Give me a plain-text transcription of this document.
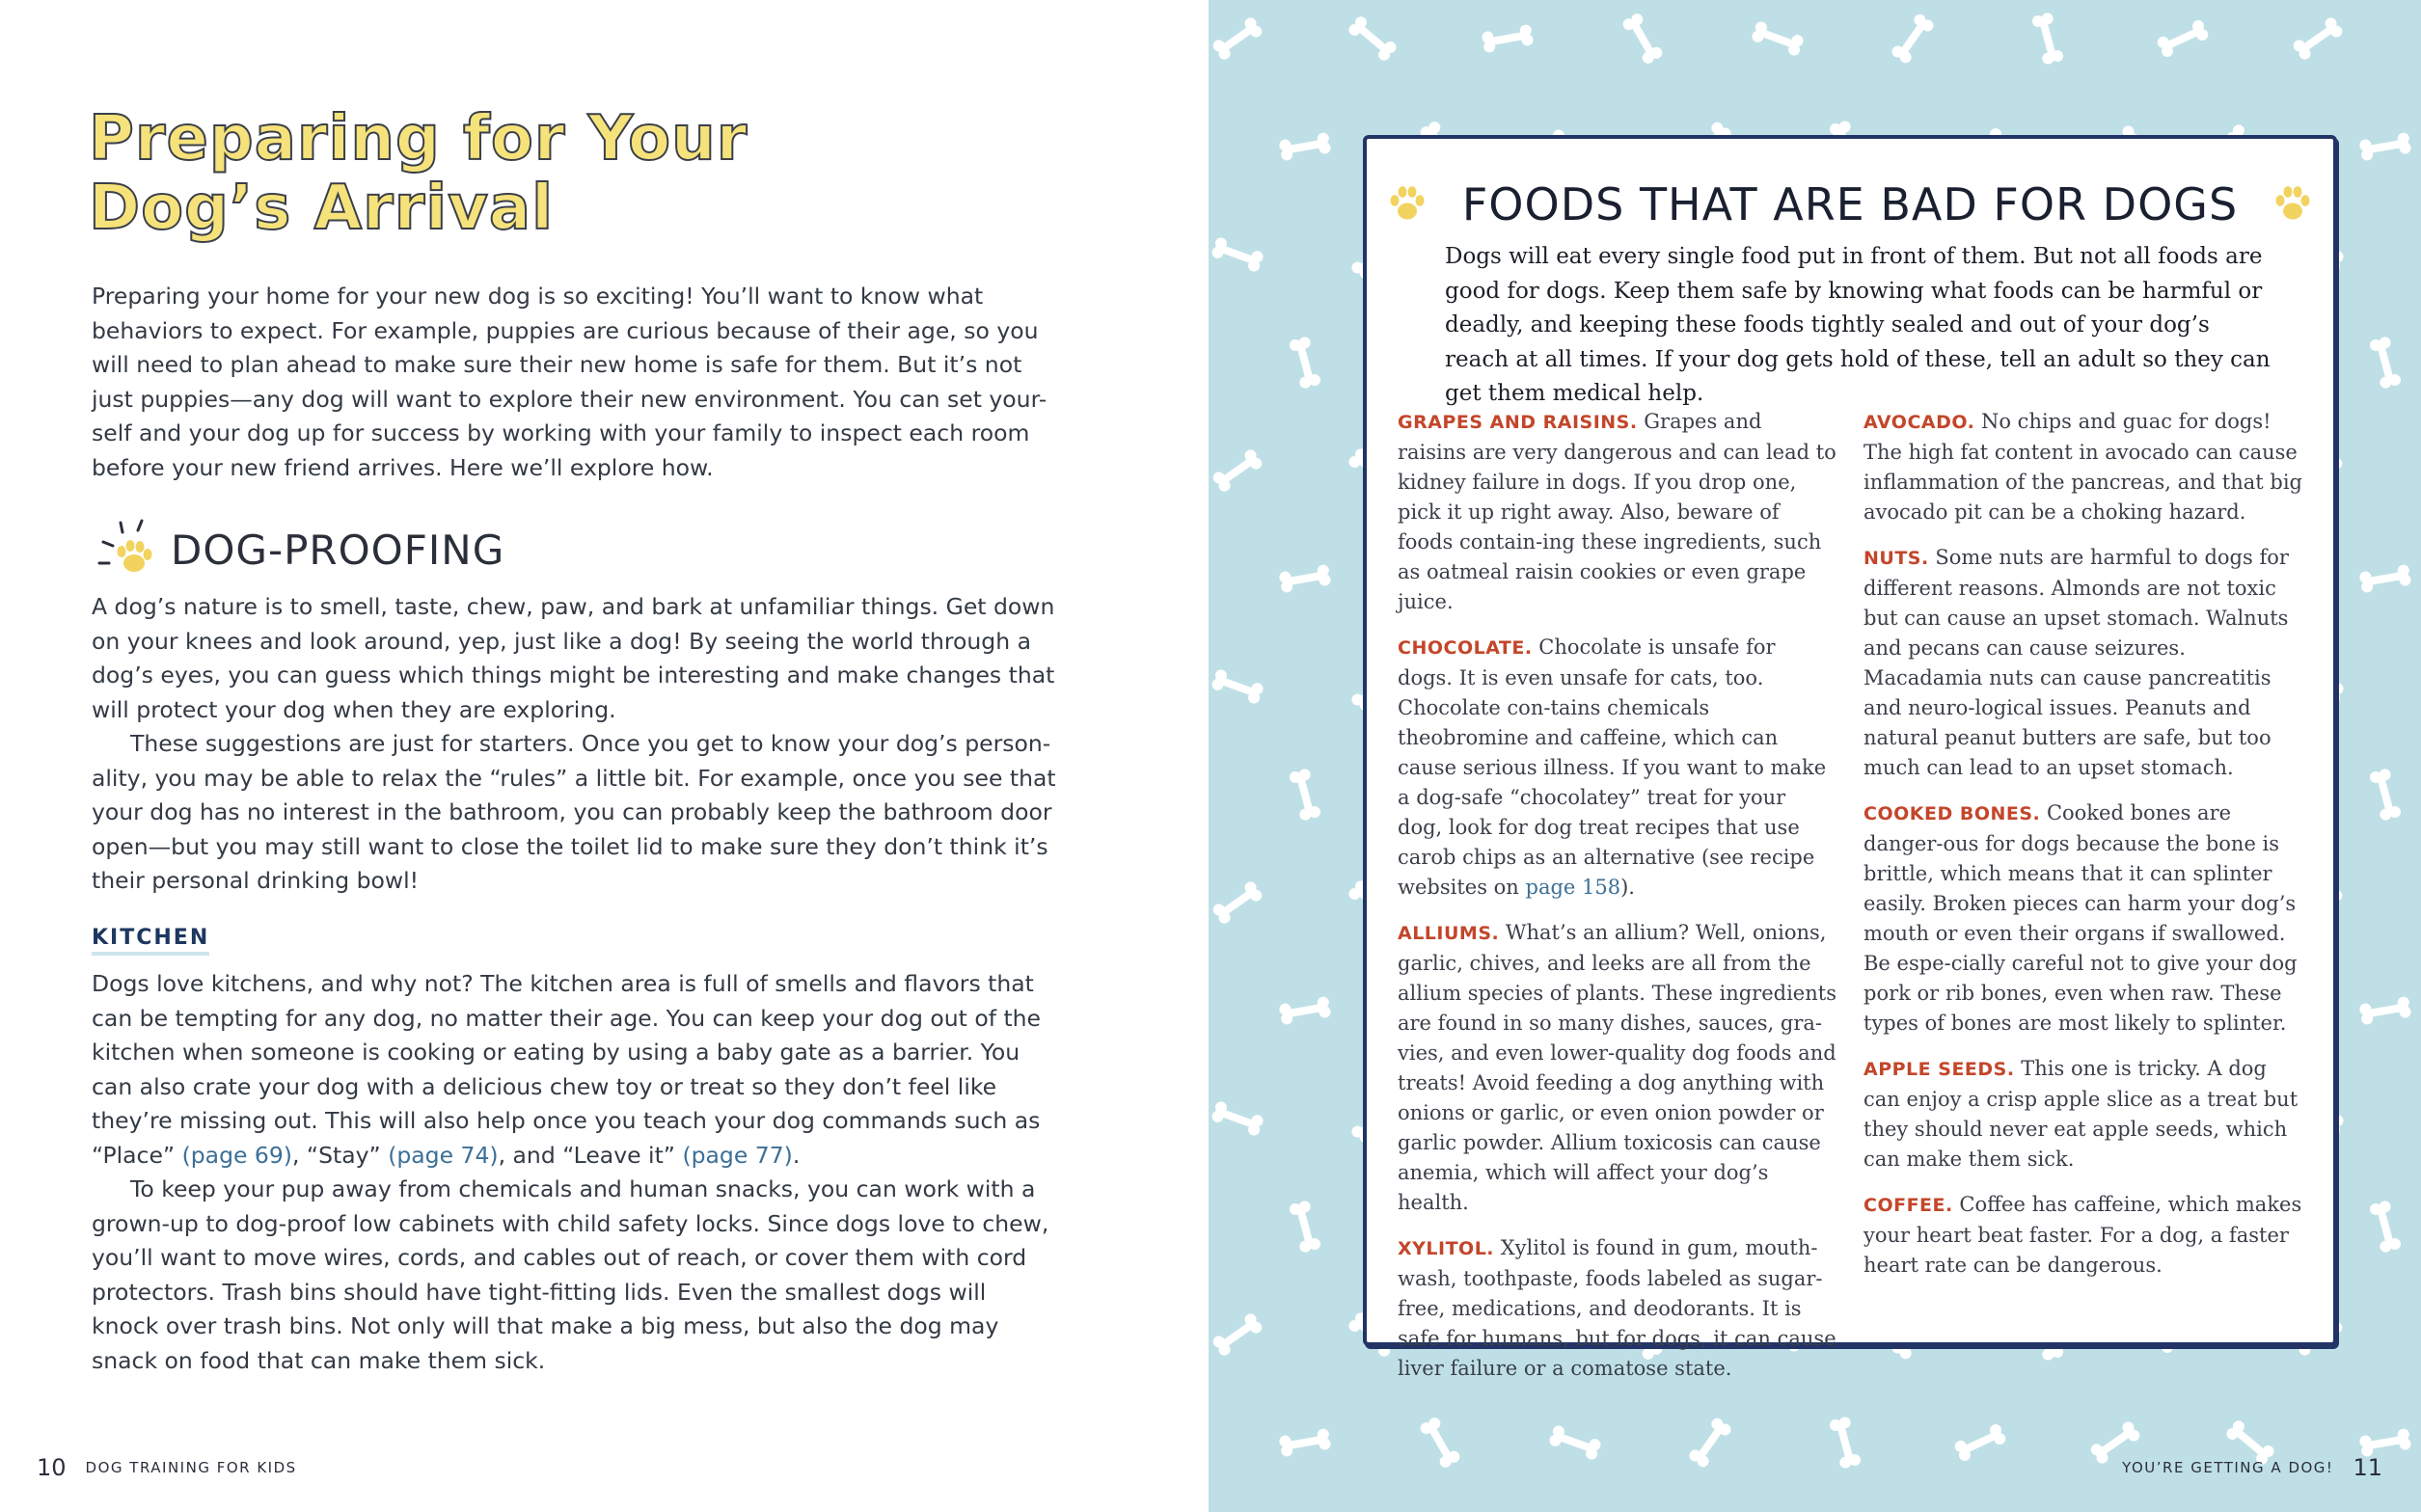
Preparing for Your
Dog’s Arrival

Preparing your home for your new dog is so exciting! You’ll want to know what behaviors to expect. For example, puppies are curious because of their age, so you will need to plan ahead to make sure their new home is safe for them. But it’s not just puppies—any dog will want to explore their new environment. You can set your-self and your dog up for success by working with your family to inspect each room before your new friend arrives. Here we’ll explore how.

DOG-PROOFING

A dog’s nature is to smell, taste, chew, paw, and bark at unfamiliar things. Get down on your knees and look around, yep, just like a dog! By seeing the world through a dog’s eyes, you can guess which things might be interesting and make changes that will protect your dog when they are exploring.

These suggestions are just for starters. Once you get to know your dog’s person-ality, you may be able to relax the “rules” a little bit. For example, once you see that your dog has no interest in the bathroom, you can probably keep the bathroom door open—but you may still want to close the toilet lid to make sure they don’t think it’s their personal drinking bowl!

KITCHEN

Dogs love kitchens, and why not? The kitchen area is full of smells and flavors that can be tempting for any dog, no matter their age. You can keep your dog out of the kitchen when someone is cooking or eating by using a baby gate as a barrier. You can also crate your dog with a delicious chew toy or treat so they don’t feel like they’re missing out. This will also help once you teach your dog commands such as “Place” (page 69), “Stay” (page 74), and “Leave it” (page 77).

To keep your pup away from chemicals and human snacks, you can work with a grown-up to dog-proof low cabinets with child safety locks. Since dogs love to chew, you’ll want to move wires, cords, and cables out of reach, or cover them with cord protectors. Trash bins should have tight-fitting lids. Even the smallest dogs will knock over trash bins. Not only will that make a big mess, but also the dog may snack on food that can make them sick.

10 DOG TRAINING FOR KIDS
FOODS THAT ARE BAD FOR DOGS
Dogs will eat every single food put in front of them. But not all foods are good for dogs. Keep them safe by knowing what foods can be harmful or deadly, and keeping these foods tightly sealed and out of your dog’s reach at all times. If your dog gets hold of these, tell an adult so they can get them medical help.

GRAPES AND RAISINS. Grapes and raisins are very dangerous and can lead to kidney failure in dogs. If you drop one, pick it up right away. Also, beware of foods contain-ing these ingredients, such as oatmeal raisin cookies or even grape juice.

CHOCOLATE. Chocolate is unsafe for dogs. It is even unsafe for cats, too. Chocolate con-tains chemicals theobromine and caffeine, which can cause serious illness. If you want to make a dog-safe “chocolatey” treat for your dog, look for dog treat recipes that use carob chips as an alternative (see recipe websites on page 158).

ALLIUMS. What’s an allium? Well, onions, garlic, chives, and leeks are all from the allium species of plants. These ingredients are found in so many dishes, sauces, gra-vies, and even lower-quality dog foods and treats! Avoid feeding a dog anything with onions or garlic, or even onion powder or garlic powder. Allium toxicosis can cause anemia, which will affect your dog’s health.

XYLITOL. Xylitol is found in gum, mouth-wash, toothpaste, foods labeled as sugar-free, medications, and deodorants. It is safe for humans, but for dogs, it can cause liver failure or a comatose state.

AVOCADO. No chips and guac for dogs! The high fat content in avocado can cause inflammation of the pancreas, and that big avocado pit can be a choking hazard.

NUTS. Some nuts are harmful to dogs for different reasons. Almonds are not toxic but can cause an upset stomach. Walnuts and pecans can cause seizures. Macadamia nuts can cause pancreatitis and neuro-logical issues. Peanuts and natural peanut butters are safe, but too much can lead to an upset stomach.

COOKED BONES. Cooked bones are danger-ous for dogs because the bone is brittle, which means that it can splinter easily. Broken pieces can harm your dog’s mouth or even their organs if swallowed. Be espe-cially careful not to give your dog pork or rib bones, even when raw. These types of bones are most likely to splinter.

APPLE SEEDS. This one is tricky. A dog can enjoy a crisp apple slice as a treat but they should never eat apple seeds, which can make them sick.

COFFEE. Coffee has caffeine, which makes your heart beat faster. For a dog, a faster heart rate can be dangerous.

YOU’RE GETTING A DOG! 11
